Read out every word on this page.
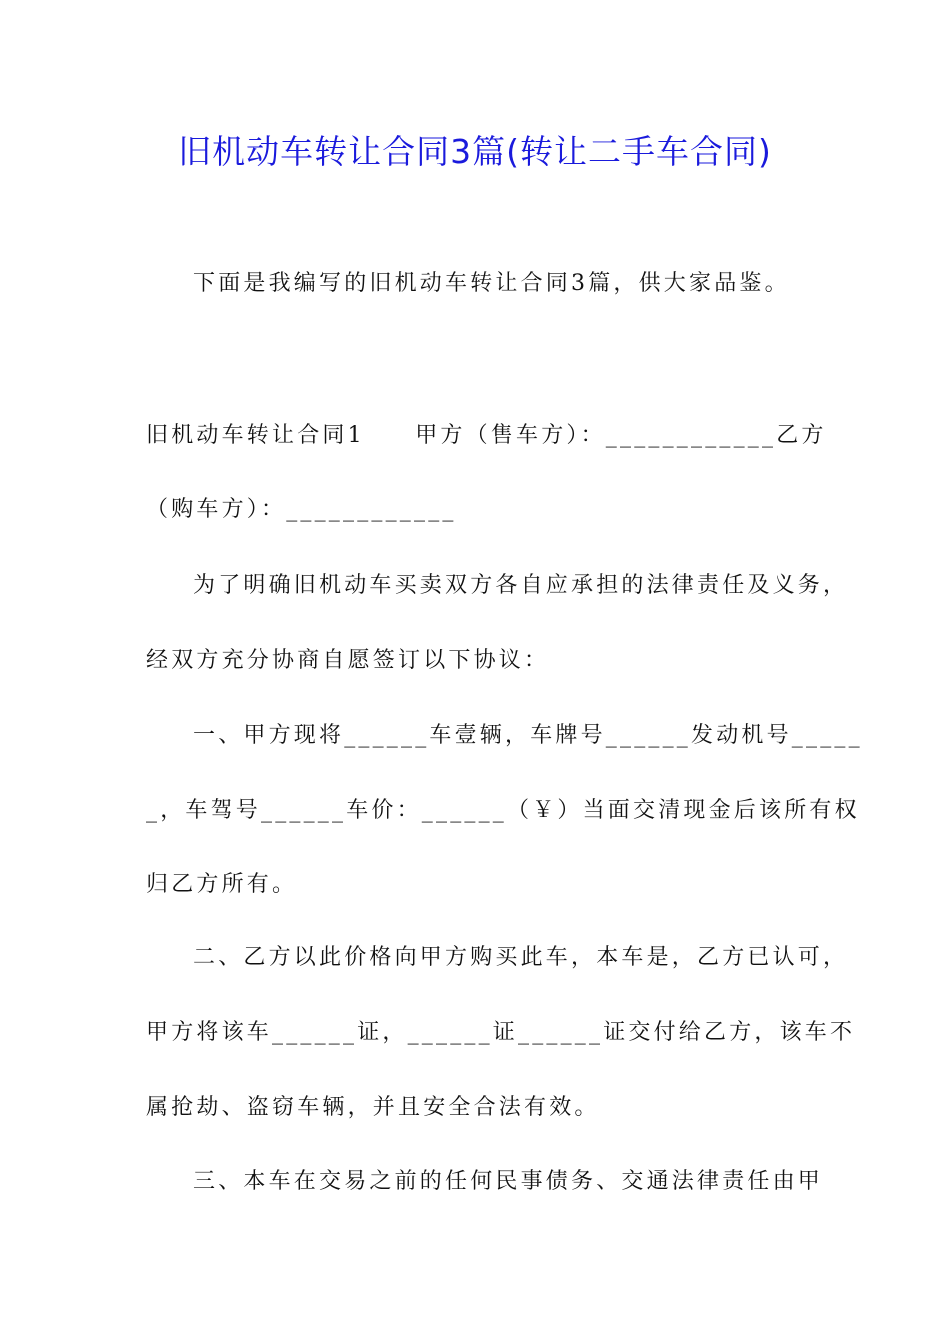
旧机动车转让合同3篇(转让二手车合同)
下面是我编写的旧机动车转让合同3篇，供大家品鉴。
旧机动车转让合同1　　甲方（售车方）：____________乙方
（购车方）：____________
为了明确旧机动车买卖双方各自应承担的法律责任及义务，
经双方充分协商自愿签订以下协议：
一、甲方现将______车壹辆，车牌号______发动机号_____
_，车驾号______车价：______（￥）当面交清现金后该所有权
归乙方所有。
二、乙方以此价格向甲方购买此车，本车是，乙方已认可，
甲方将该车______证，______证______证交付给乙方，该车不
属抢劫、盗窃车辆，并且安全合法有效。
三、本车在交易之前的任何民事债务、交通法律责任由甲
